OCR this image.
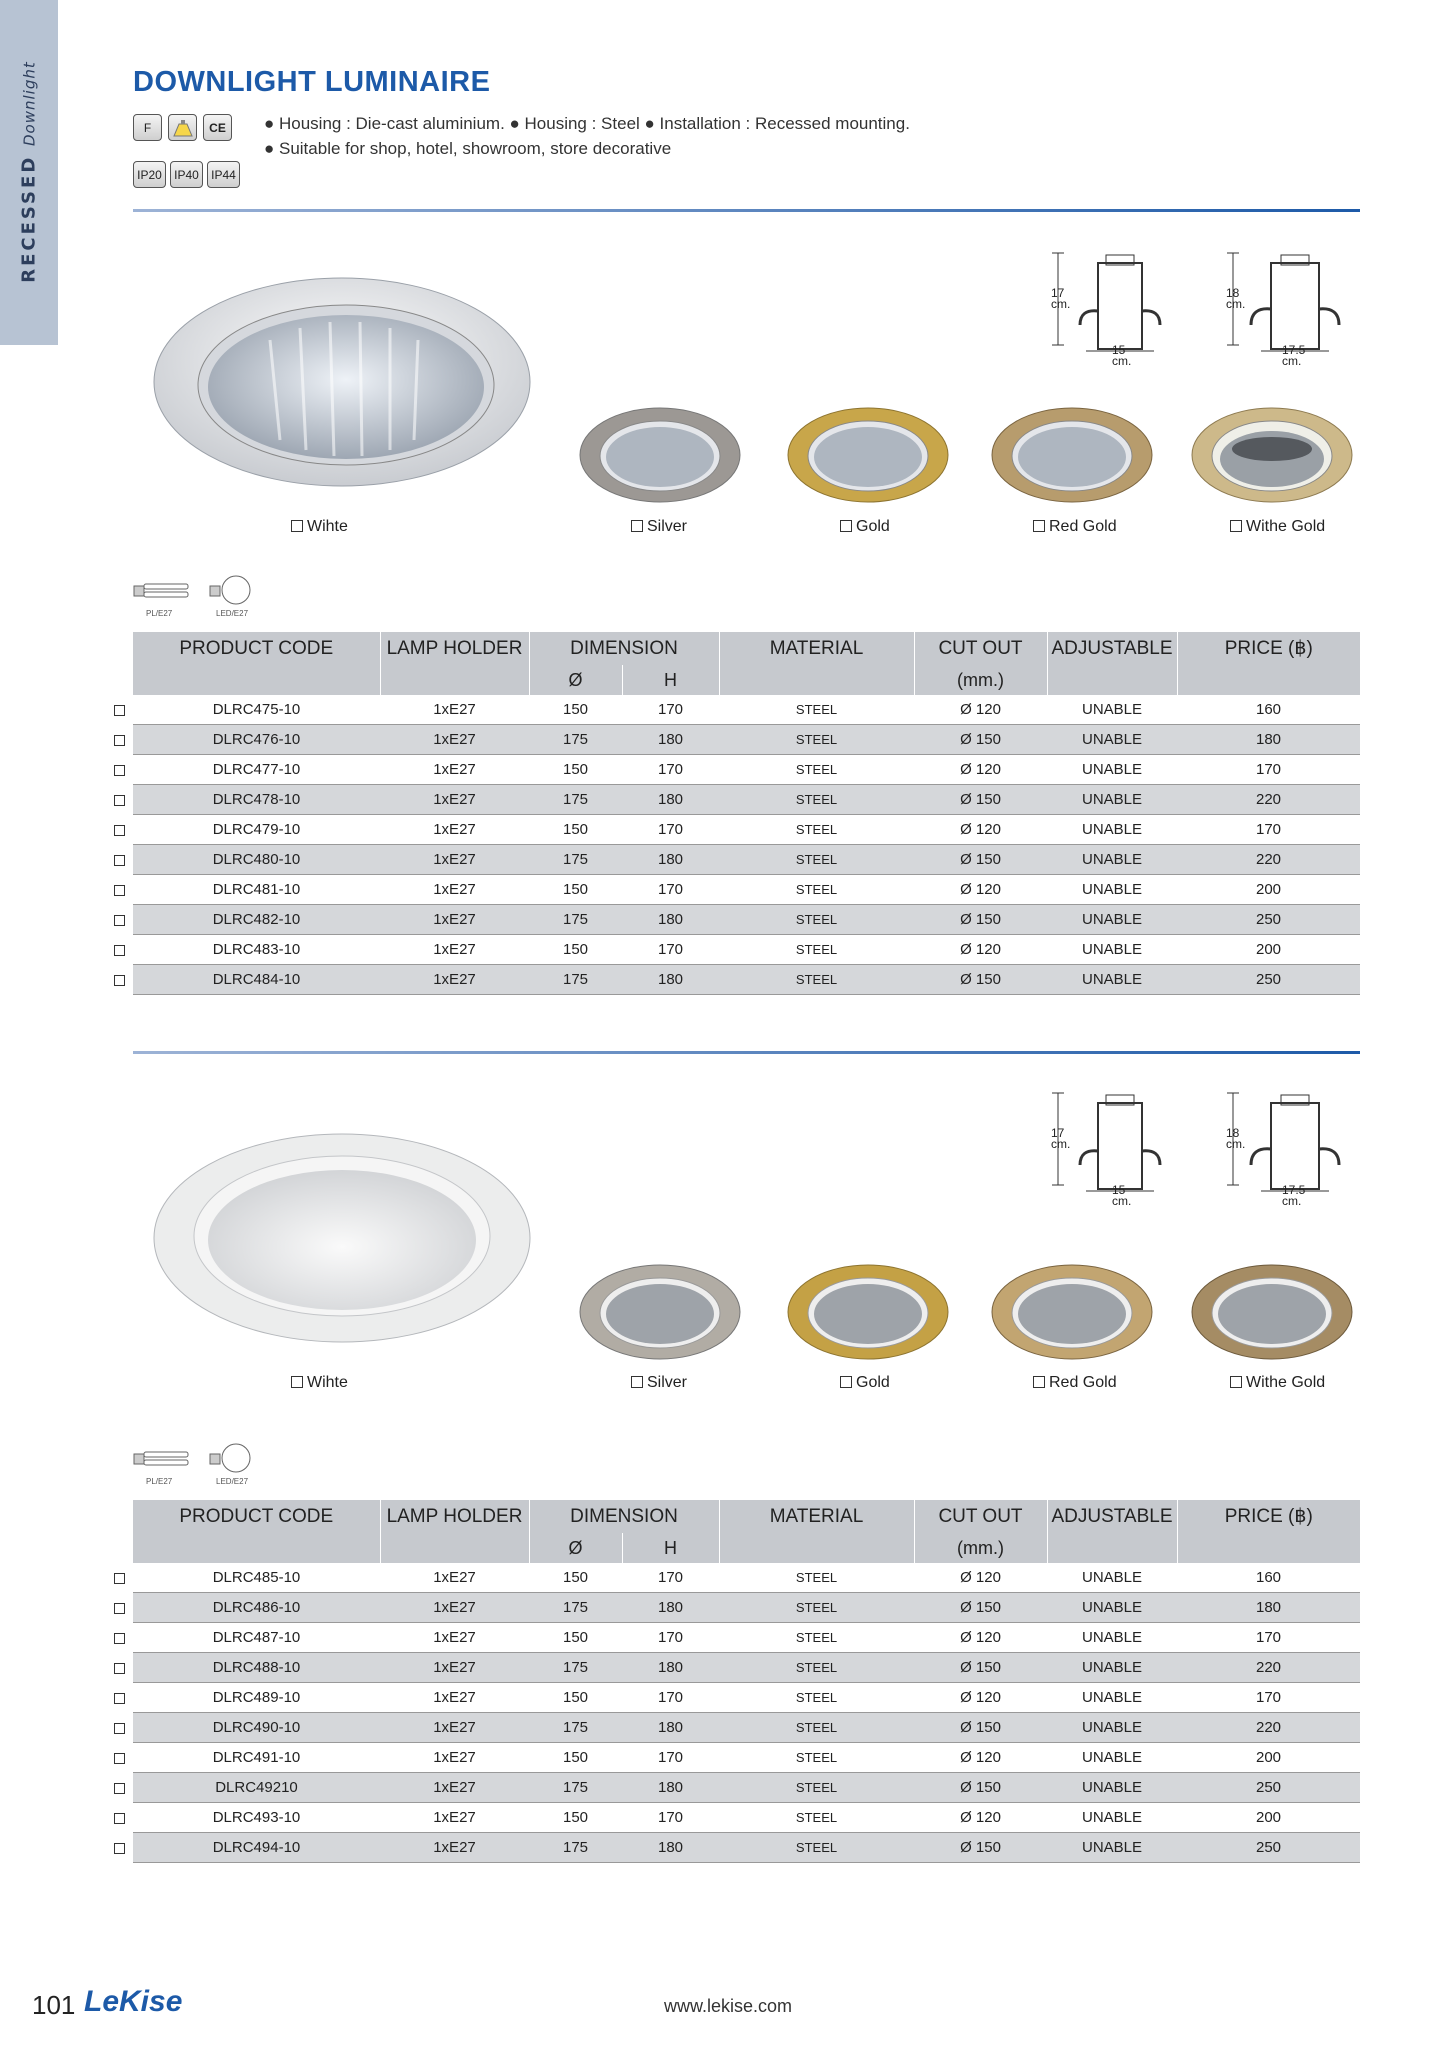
RECESSED Downlight	DOWNLIGHT LUMINAIRE
F	CE
IP20 IP40 IP44
● Housing : Die-cast aluminium. ● Housing : Steel ● Installation : Recessed mounting.
● Suitable for shop, hotel, showroom, store decorative
17
cm.
15
cm.
18
cm.
17.5
cm.
Wihte	Silver	Gold	Red Gold	Withe Gold
PL/E27	LED/E27
PRODUCT CODE	LAMP HOLDER	DIMENSION		MATERIAL	CUT OUT	ADJUSTABLE	PRICE (฿)
		Ø	H		(mm.)		
DLRC475-10	1xE27	150	170	STEEL	Ø 120	UNABLE	160
DLRC476-10	1xE27	175	180	STEEL	Ø 150	UNABLE	180
DLRC477-10	1xE27	150	170	STEEL	Ø 120	UNABLE	170
DLRC478-10	1xE27	175	180	STEEL	Ø 150	UNABLE	220
DLRC479-10	1xE27	150	170	STEEL	Ø 120	UNABLE	170
DLRC480-10	1xE27	175	180	STEEL	Ø 150	UNABLE	220
DLRC481-10	1xE27	150	170	STEEL	Ø 120	UNABLE	200
DLRC482-10	1xE27	175	180	STEEL	Ø 150	UNABLE	250
DLRC483-10	1xE27	150	170	STEEL	Ø 120	UNABLE	200
DLRC484-10	1xE27	175	180	STEEL	Ø 150	UNABLE	250
17
cm.
15
cm.
18
cm.
17.5
cm.
Wihte	Silver	Gold	Red Gold	Withe Gold
PL/E27	LED/E27
PRODUCT CODE	LAMP HOLDER	DIMENSION		MATERIAL	CUT OUT	ADJUSTABLE	PRICE (฿)
		Ø	H		(mm.)		
DLRC485-10	1xE27	150	170	STEEL	Ø 120	UNABLE	160
DLRC486-10	1xE27	175	180	STEEL	Ø 150	UNABLE	180
DLRC487-10	1xE27	150	170	STEEL	Ø 120	UNABLE	170
DLRC488-10	1xE27	175	180	STEEL	Ø 150	UNABLE	220
DLRC489-10	1xE27	150	170	STEEL	Ø 120	UNABLE	170
DLRC490-10	1xE27	175	180	STEEL	Ø 150	UNABLE	220
DLRC491-10	1xE27	150	170	STEEL	Ø 120	UNABLE	200
DLRC49210	1xE27	175	180	STEEL	Ø 150	UNABLE	250
DLRC493-10	1xE27	150	170	STEEL	Ø 120	UNABLE	200
DLRC494-10	1xE27	175	180	STEEL	Ø 150	UNABLE	250
101 LeKise	www.lekise.com
